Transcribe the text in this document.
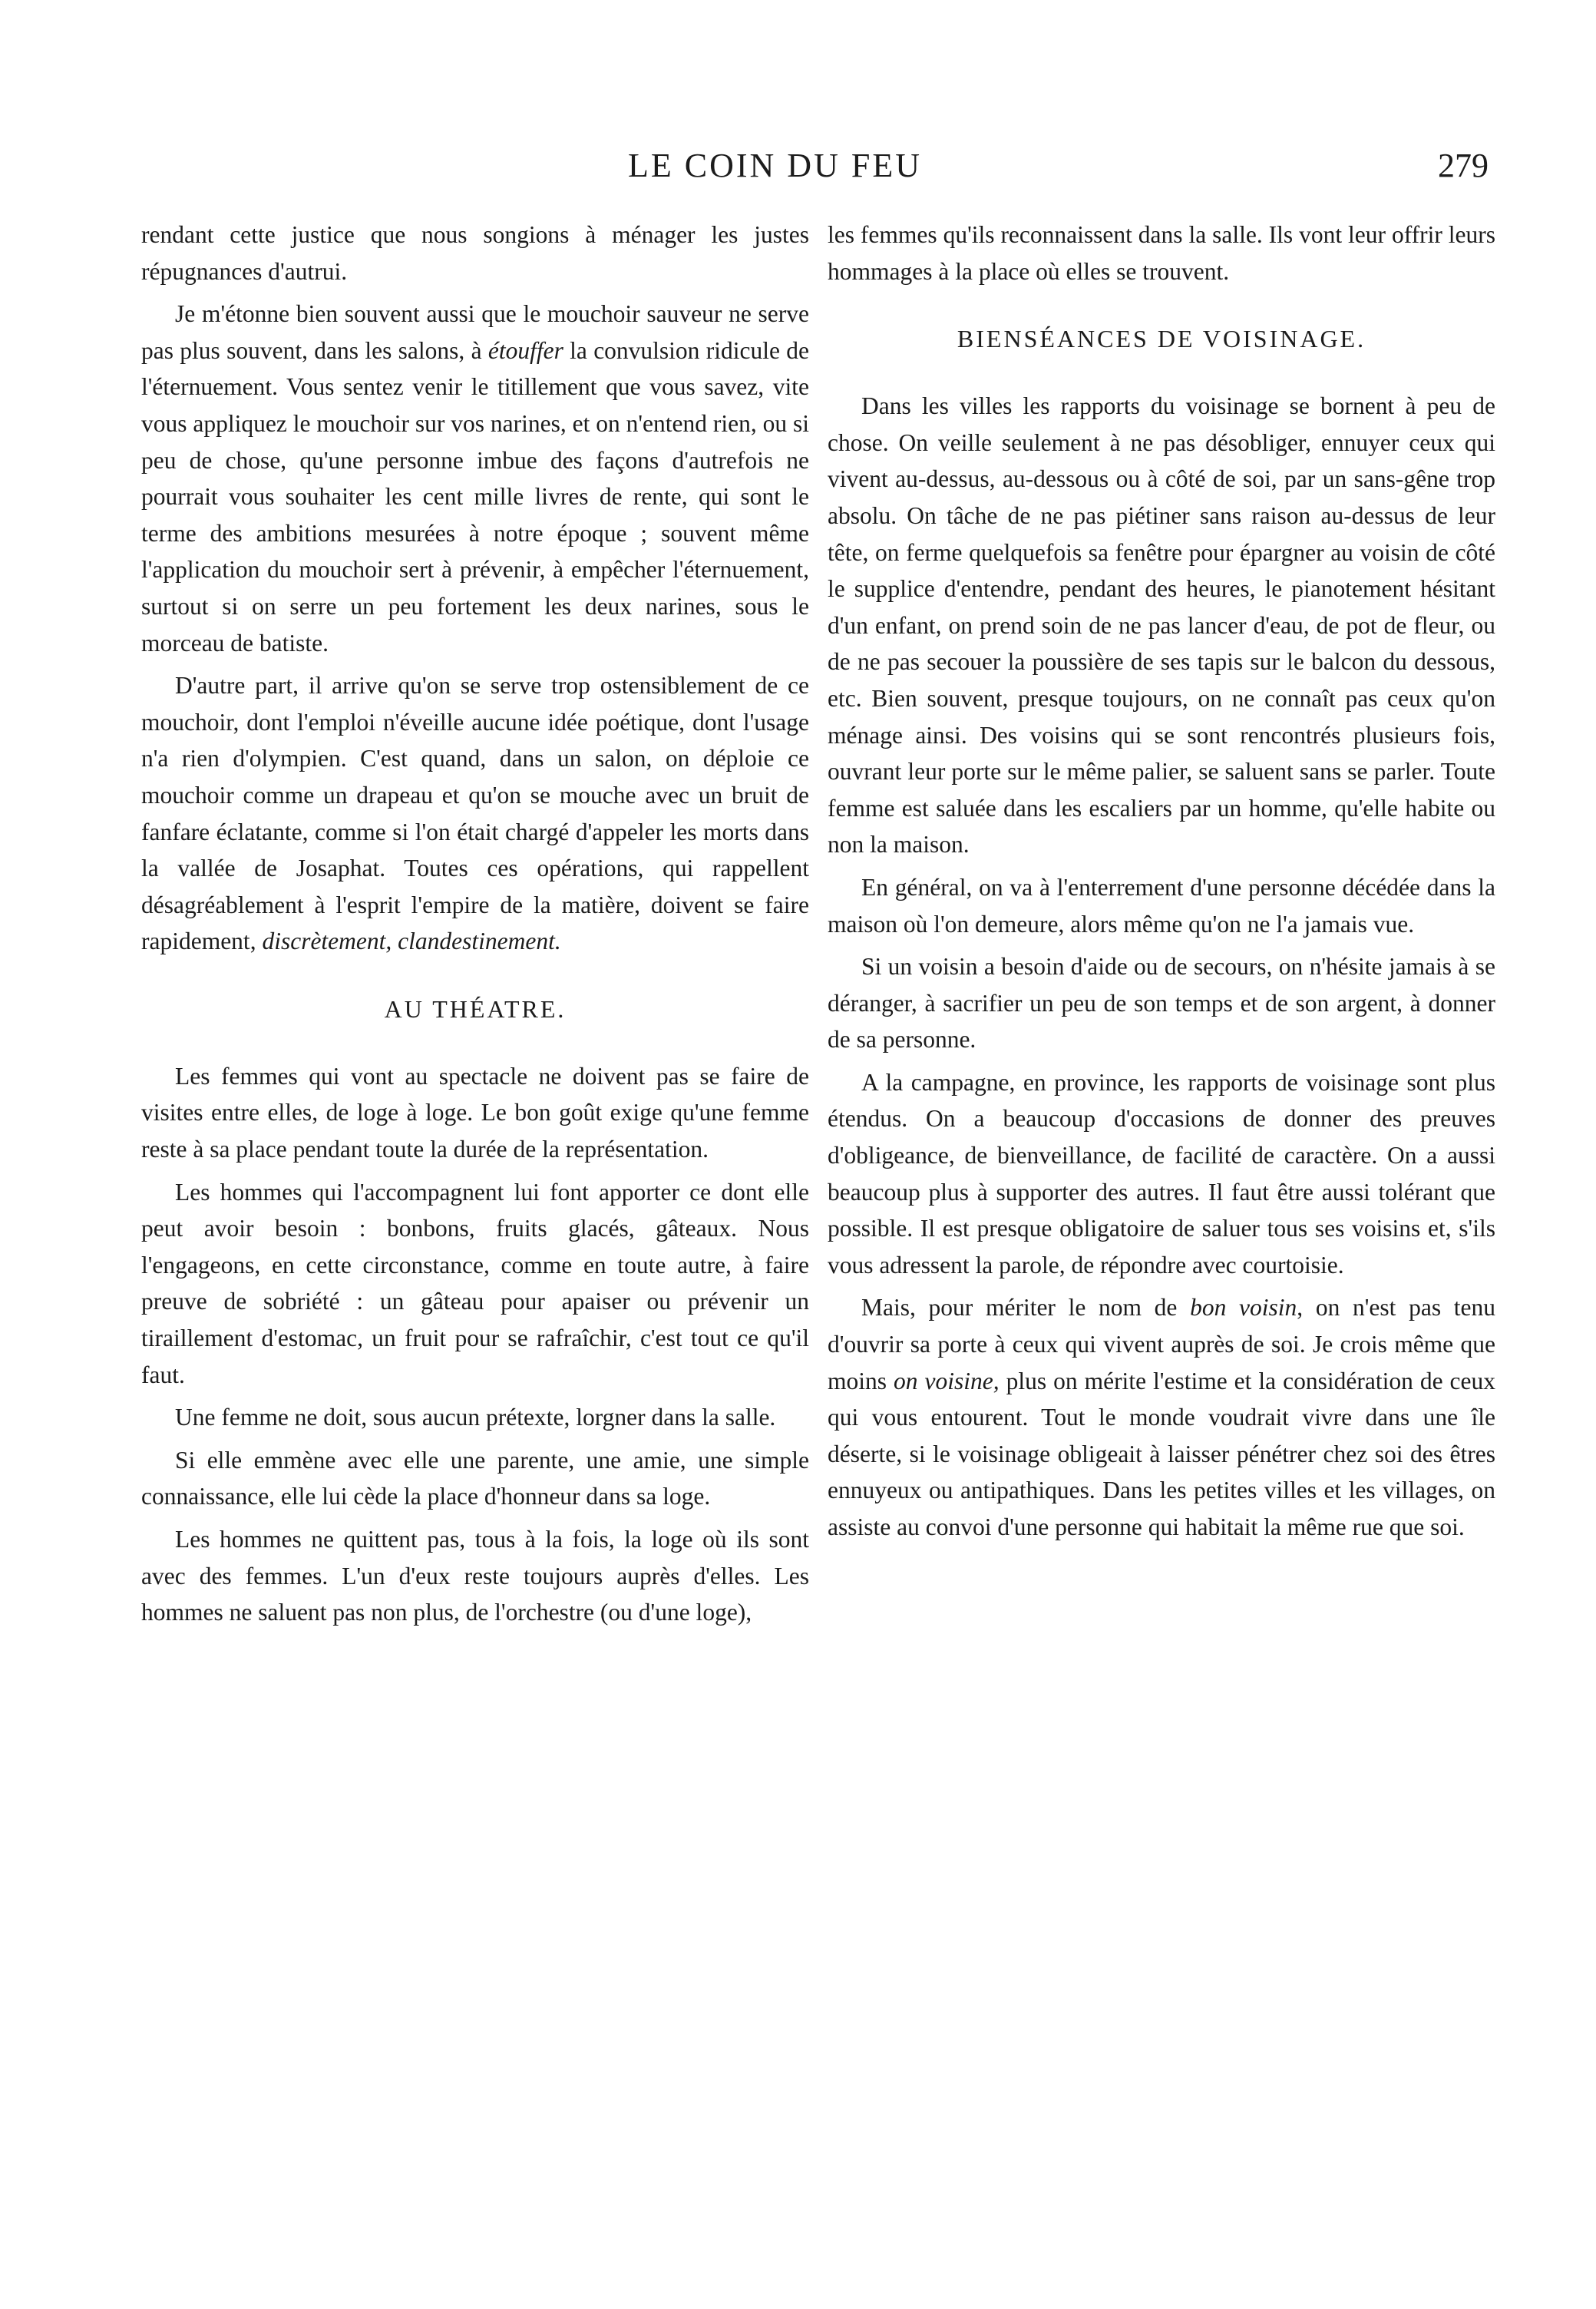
LE COIN DU FEU	279

rendant cette justice que nous songions à ménager les justes répugnances d'autrui.

Je m'étonne bien souvent aussi que le mouchoir sauveur ne serve pas plus souvent, dans les salons, à étouffer la convulsion ridicule de l'éternuement. Vous sentez venir le titillement que vous savez, vite vous appliquez le mouchoir sur vos narines, et on n'entend rien, ou si peu de chose, qu'une personne imbue des façons d'autrefois ne pourrait vous souhaiter les cent mille livres de rente, qui sont le terme des ambitions mesurées à notre époque ; souvent même l'application du mouchoir sert à prévenir, à empêcher l'éternuement, surtout si on serre un peu fortement les deux narines, sous le morceau de batiste.

D'autre part, il arrive qu'on se serve trop ostensiblement de ce mouchoir, dont l'emploi n'éveille aucune idée poétique, dont l'usage n'a rien d'olympien. C'est quand, dans un salon, on déploie ce mouchoir comme un drapeau et qu'on se mouche avec un bruit de fanfare éclatante, comme si l'on était chargé d'appeler les morts dans la vallée de Josaphat. Toutes ces opérations, qui rappellent désagréablement à l'esprit l'empire de la matière, doivent se faire rapidement, discrètement, clandestinement.

AU THÉATRE.

Les femmes qui vont au spectacle ne doivent pas se faire de visites entre elles, de loge à loge. Le bon goût exige qu'une femme reste à sa place pendant toute la durée de la représentation.

Les hommes qui l'accompagnent lui font apporter ce dont elle peut avoir besoin : bonbons, fruits glacés, gâteaux. Nous l'engageons, en cette circonstance, comme en toute autre, à faire preuve de sobriété : un gâteau pour apaiser ou prévenir un tiraillement d'estomac, un fruit pour se rafraîchir, c'est tout ce qu'il faut.

Une femme ne doit, sous aucun prétexte, lorgner dans la salle.

Si elle emmène avec elle une parente, une amie, une simple connaissance, elle lui cède la place d'honneur dans sa loge.

Les hommes ne quittent pas, tous à la fois, la loge où ils sont avec des femmes. L'un d'eux reste toujours auprès d'elles. Les hommes ne saluent pas non plus, de l'orchestre (ou d'une loge),

les femmes qu'ils reconnaissent dans la salle. Ils vont leur offrir leurs hommages à la place où elles se trouvent.

BIENSÉANCES DE VOISINAGE.

Dans les villes les rapports du voisinage se bornent à peu de chose. On veille seulement à ne pas désobliger, ennuyer ceux qui vivent au-dessus, au-dessous ou à côté de soi, par un sans-gêne trop absolu. On tâche de ne pas piétiner sans raison au-dessus de leur tête, on ferme quelquefois sa fenêtre pour épargner au voisin de côté le supplice d'entendre, pendant des heures, le pianotement hésitant d'un enfant, on prend soin de ne pas lancer d'eau, de pot de fleur, ou de ne pas secouer la poussière de ses tapis sur le balcon du dessous, etc. Bien souvent, presque toujours, on ne connaît pas ceux qu'on ménage ainsi. Des voisins qui se sont rencontrés plusieurs fois, ouvrant leur porte sur le même palier, se saluent sans se parler. Toute femme est saluée dans les escaliers par un homme, qu'elle habite ou non la maison.

En général, on va à l'enterrement d'une personne décédée dans la maison où l'on demeure, alors même qu'on ne l'a jamais vue.

Si un voisin a besoin d'aide ou de secours, on n'hésite jamais à se déranger, à sacrifier un peu de son temps et de son argent, à donner de sa personne.

A la campagne, en province, les rapports de voisinage sont plus étendus. On a beaucoup d'occasions de donner des preuves d'obligeance, de bienveillance, de facilité de caractère. On a aussi beaucoup plus à supporter des autres. Il faut être aussi tolérant que possible. Il est presque obligatoire de saluer tous ses voisins et, s'ils vous adressent la parole, de répondre avec courtoisie.

Mais, pour mériter le nom de bon voisin, on n'est pas tenu d'ouvrir sa porte à ceux qui vivent auprès de soi. Je crois même que moins on voisine, plus on mérite l'estime et la considération de ceux qui vous entourent. Tout le monde voudrait vivre dans une île déserte, si le voisinage obligeait à laisser pénétrer chez soi des êtres ennuyeux ou antipathiques. Dans les petites villes et les villages, on assiste au convoi d'une personne qui habitait la même rue que soi.
